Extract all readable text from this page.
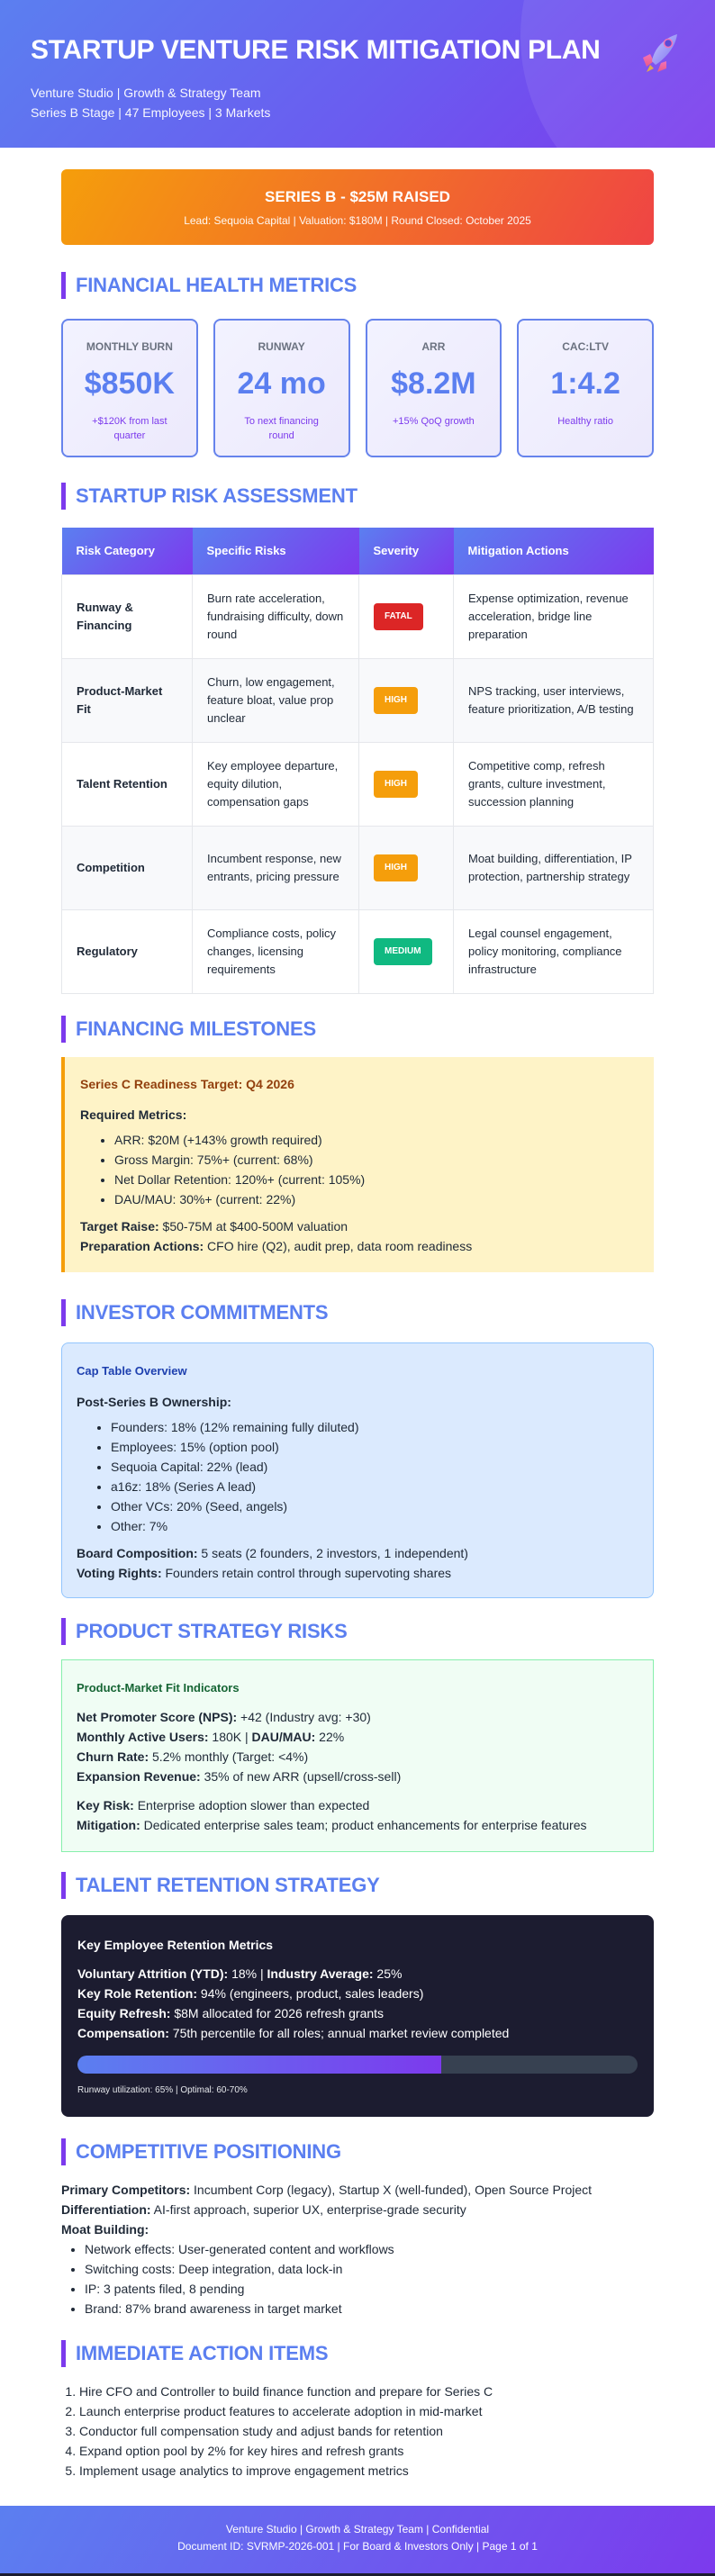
STARTUP VENTURE RISK MITIGATION PLAN
Venture Studio | Growth & Strategy Team
Series B Stage | 47 Employees | 3 Markets
SERIES B - $25M RAISED
Lead: Sequoia Capital | Valuation: $180M | Round Closed: October 2025
FINANCIAL HEALTH METRICS
MONTHLY BURN
$850K
+$120K from last quarter
RUNWAY
24 mo
To next financing round
ARR
$8.2M
+15% QoQ growth
CAC:LTV
1:4.2
Healthy ratio
STARTUP RISK ASSESSMENT
Risk Category	Specific Risks	Severity	Mitigation Actions
Runway & Financing	Burn rate acceleration, fundraising difficulty, down round	FATAL	Expense optimization, revenue acceleration, bridge line preparation
Product-Market Fit	Churn, low engagement, feature bloat, value prop unclear	HIGH	NPS tracking, user interviews, feature prioritization, A/B testing
Talent Retention	Key employee departure, equity dilution, compensation gaps	HIGH	Competitive comp, refresh grants, culture investment, succession planning
Competition	Incumbent response, new entrants, pricing pressure	HIGH	Moat building, differentiation, IP protection, partnership strategy
Regulatory	Compliance costs, policy changes, licensing requirements	MEDIUM	Legal counsel engagement, policy monitoring, compliance infrastructure
FINANCING MILESTONES
Series C Readiness Target: Q4 2026
Required Metrics:
• ARR: $20M (+143% growth required)
• Gross Margin: 75%+ (current: 68%)
• Net Dollar Retention: 120%+ (current: 105%)
• DAU/MAU: 30%+ (current: 22%)
Target Raise: $50-75M at $400-500M valuation
Preparation Actions: CFO hire (Q2), audit prep, data room readiness
INVESTOR COMMITMENTS
Cap Table Overview
Post-Series B Ownership:
• Founders: 18% (12% remaining fully diluted)
• Employees: 15% (option pool)
• Sequoia Capital: 22% (lead)
• a16z: 18% (Series A lead)
• Other VCs: 20% (Seed, angels)
• Other: 7%
Board Composition: 5 seats (2 founders, 2 investors, 1 independent)
Voting Rights: Founders retain control through supervoting shares
PRODUCT STRATEGY RISKS
Product-Market Fit Indicators
Net Promoter Score (NPS): +42 (Industry avg: +30)
Monthly Active Users: 180K | DAU/MAU: 22%
Churn Rate: 5.2% monthly (Target: <4%)
Expansion Revenue: 35% of new ARR (upsell/cross-sell)
Key Risk: Enterprise adoption slower than expected
Mitigation: Dedicated enterprise sales team; product enhancements for enterprise features
TALENT RETENTION STRATEGY
Key Employee Retention Metrics
Voluntary Attrition (YTD): 18% | Industry Average: 25%
Key Role Retention: 94% (engineers, product, sales leaders)
Equity Refresh: $8M allocated for 2026 refresh grants
Compensation: 75th percentile for all roles; annual market review completed
Runway utilization: 65% | Optimal: 60-70%
COMPETITIVE POSITIONING
Primary Competitors: Incumbent Corp (legacy), Startup X (well-funded), Open Source Project
Differentiation: AI-first approach, superior UX, enterprise-grade security
Moat Building:
• Network effects: User-generated content and workflows
• Switching costs: Deep integration, data lock-in
• IP: 3 patents filed, 8 pending
• Brand: 87% brand awareness in target market
IMMEDIATE ACTION ITEMS
1. Hire CFO and Controller to build finance function and prepare for Series C
2. Launch enterprise product features to accelerate adoption in mid-market
3. Conductor full compensation study and adjust bands for retention
4. Expand option pool by 2% for key hires and refresh grants
5. Implement usage analytics to improve engagement metrics
Venture Studio | Growth & Strategy Team | Confidential
Document ID: SVRMP-2026-001 | For Board & Investors Only | Page 1 of 1
